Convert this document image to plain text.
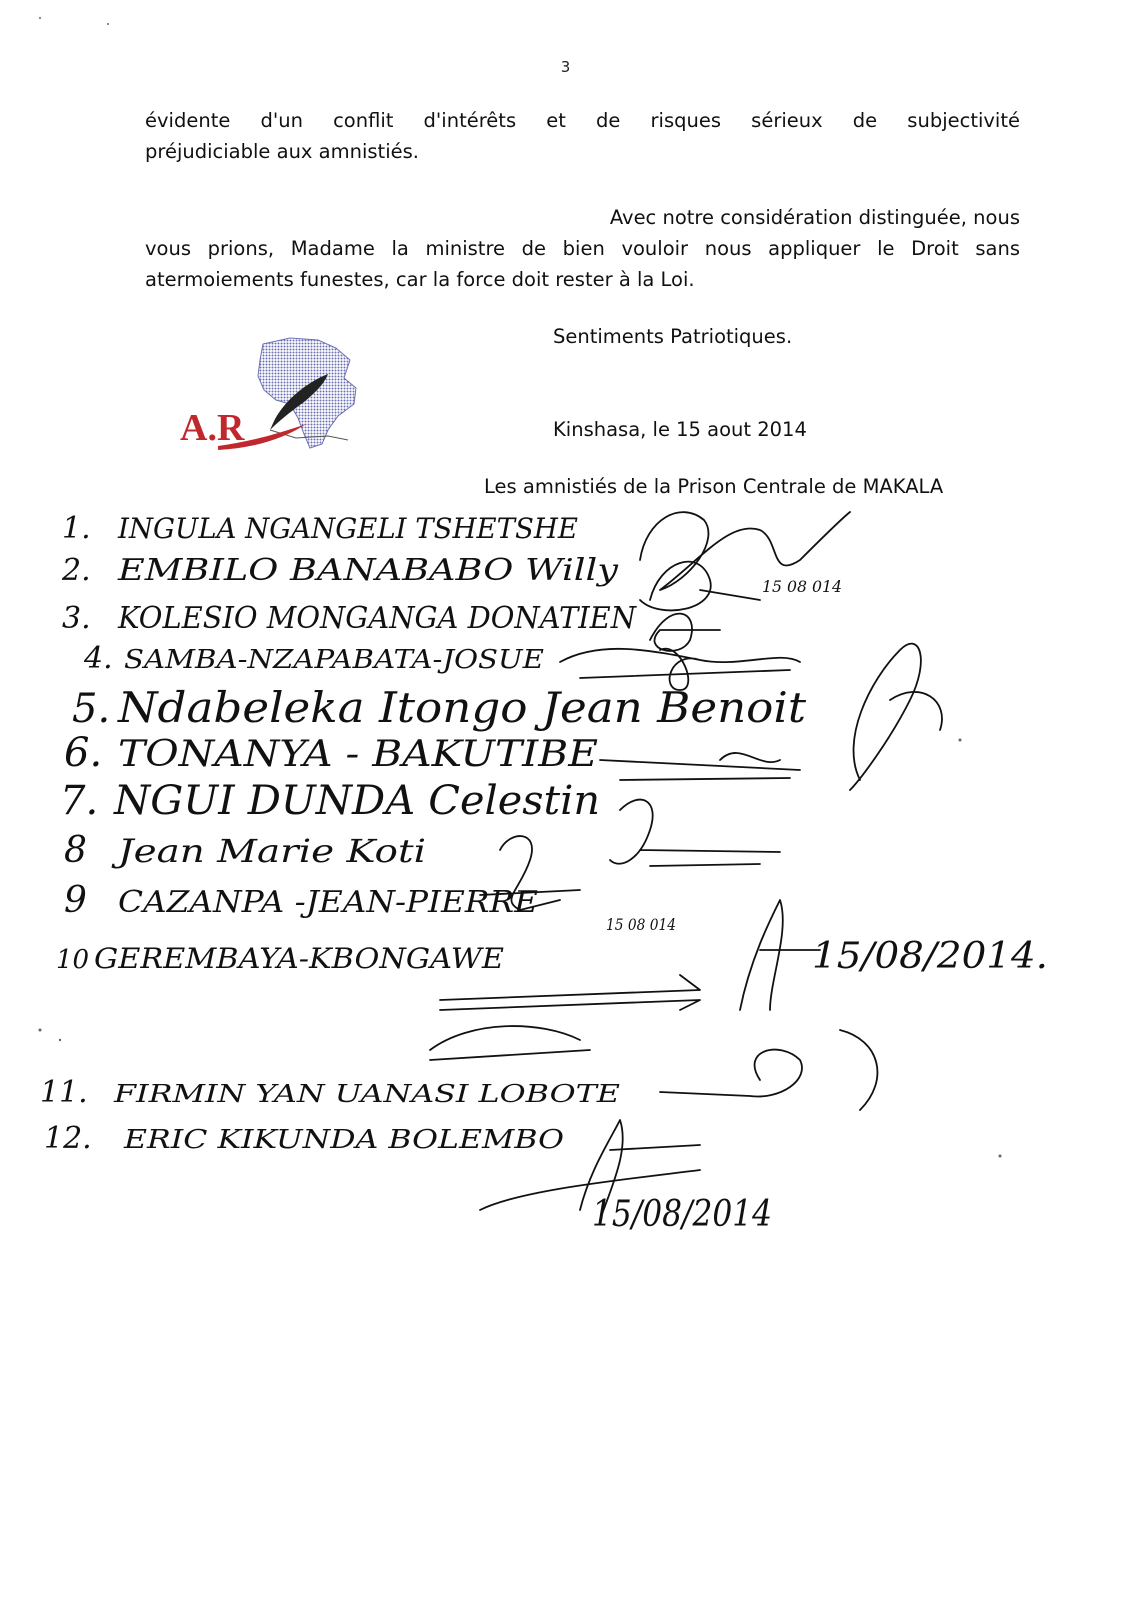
3
évidente d'un conflit d'intérêts et de risques sérieux de subjectivité
préjudiciable aux amnistiés.
Avec notre considération distinguée, nous
vous prions, Madame la ministre de bien vouloir nous appliquer le Droit sans
atermoiements funestes, car la force doit rester à la Loi.
Sentiments Patriotiques.
Kinshasa, le 15 aout 2014
Les amnistiés de la Prison Centrale de MAKALA
A.R
1. INGULA NGANGELI TSHETSHE
2. EMBILO BANABABO Willy
3. KOLESIO MONGANGA DONATIEN
4. SAMBA-NZAPABATA-JOSUE
5. Ndabeleka Itongo Jean Benoit
6. TONANYA - BAKUTIBE
7. NGUI DUNDA Celestin
8 Jean Marie Koti
9 CAZANPA -JEAN-PIERRE
10 GEREMBAYA-KBONGAWE
11. FIRMIN YAN UANASI LOBOTE
12. ERIC KIKUNDA BOLEMBO
15 08 014
15 08 014
15/08/2014.
15/08/2014
